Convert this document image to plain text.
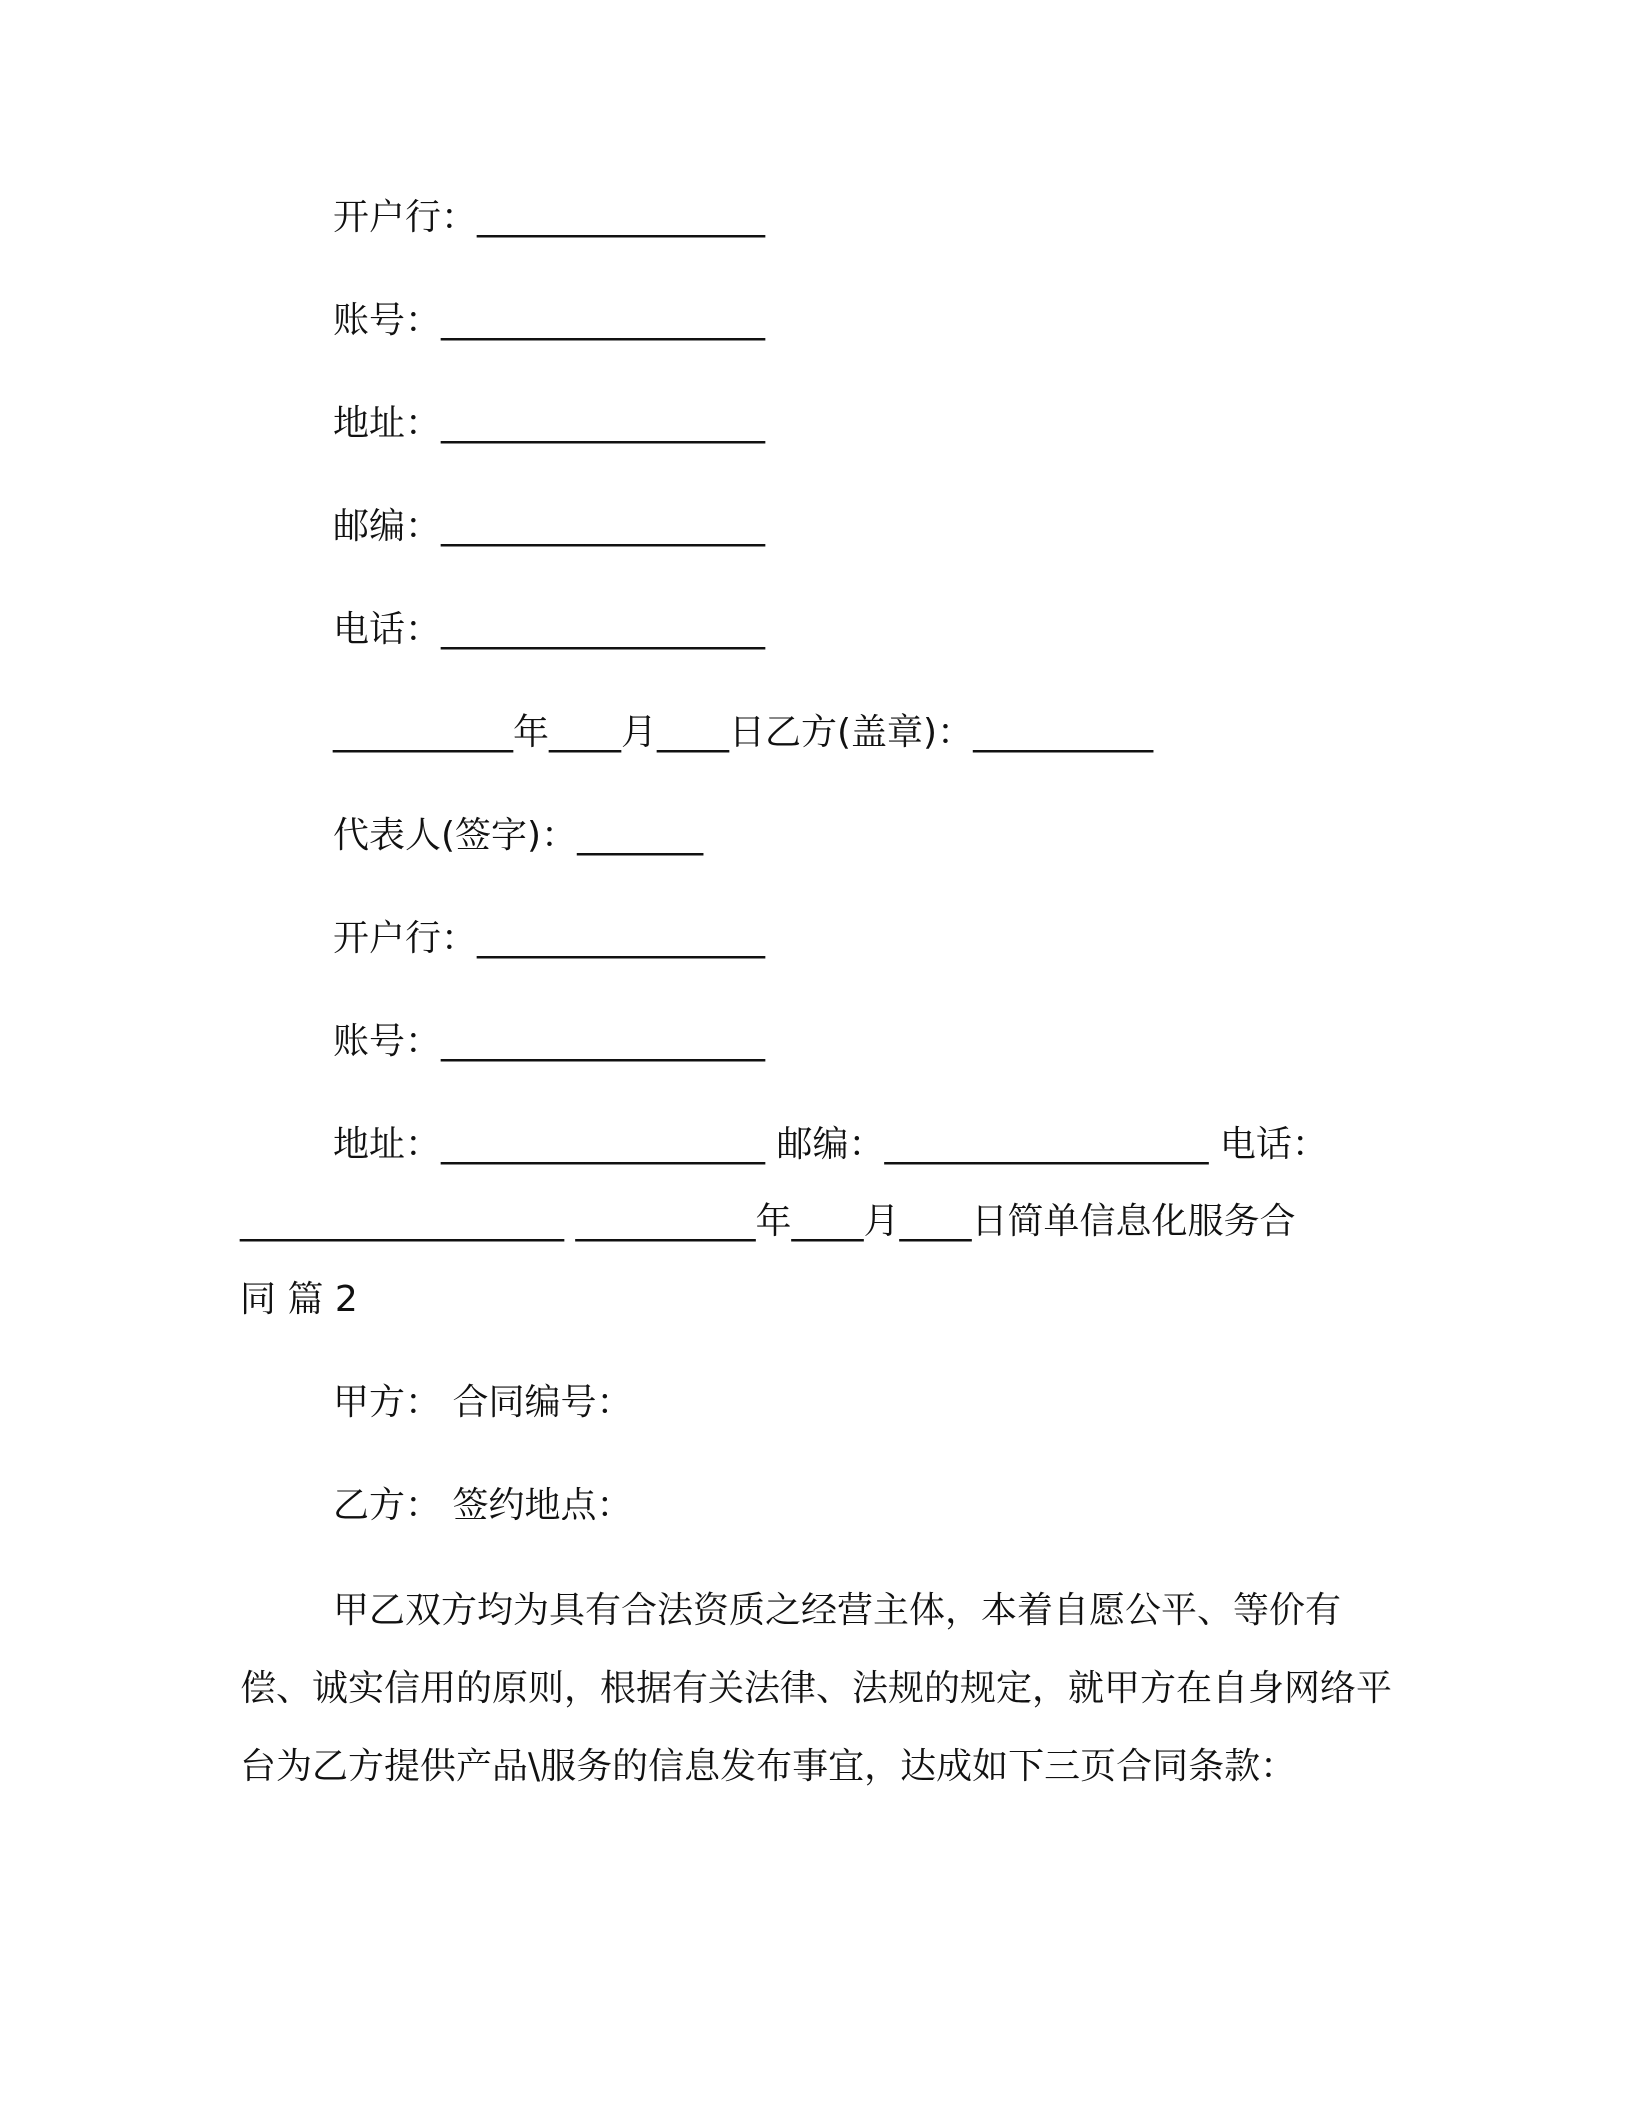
开户行：________________
账号：__________________
地址：__________________
邮编：__________________
电话：__________________
__________年____月____日乙方(盖章)：__________
代表人(签字)：_______
开户行：________________
账号：__________________
地址：__________________ 邮编：__________________ 电话：
__________________ __________年____月____日简单信息化服务合
同 篇 2
甲方： 合同编号：
乙方： 签约地点：
甲乙双方均为具有合法资质之经营主体，本着自愿公平、等价有偿、诚实信用的原则，根据有关法律、法规的规定，就甲方在自身网络平台为乙方提供产品\服务的信息发布事宜，达成如下三页合同条款：
